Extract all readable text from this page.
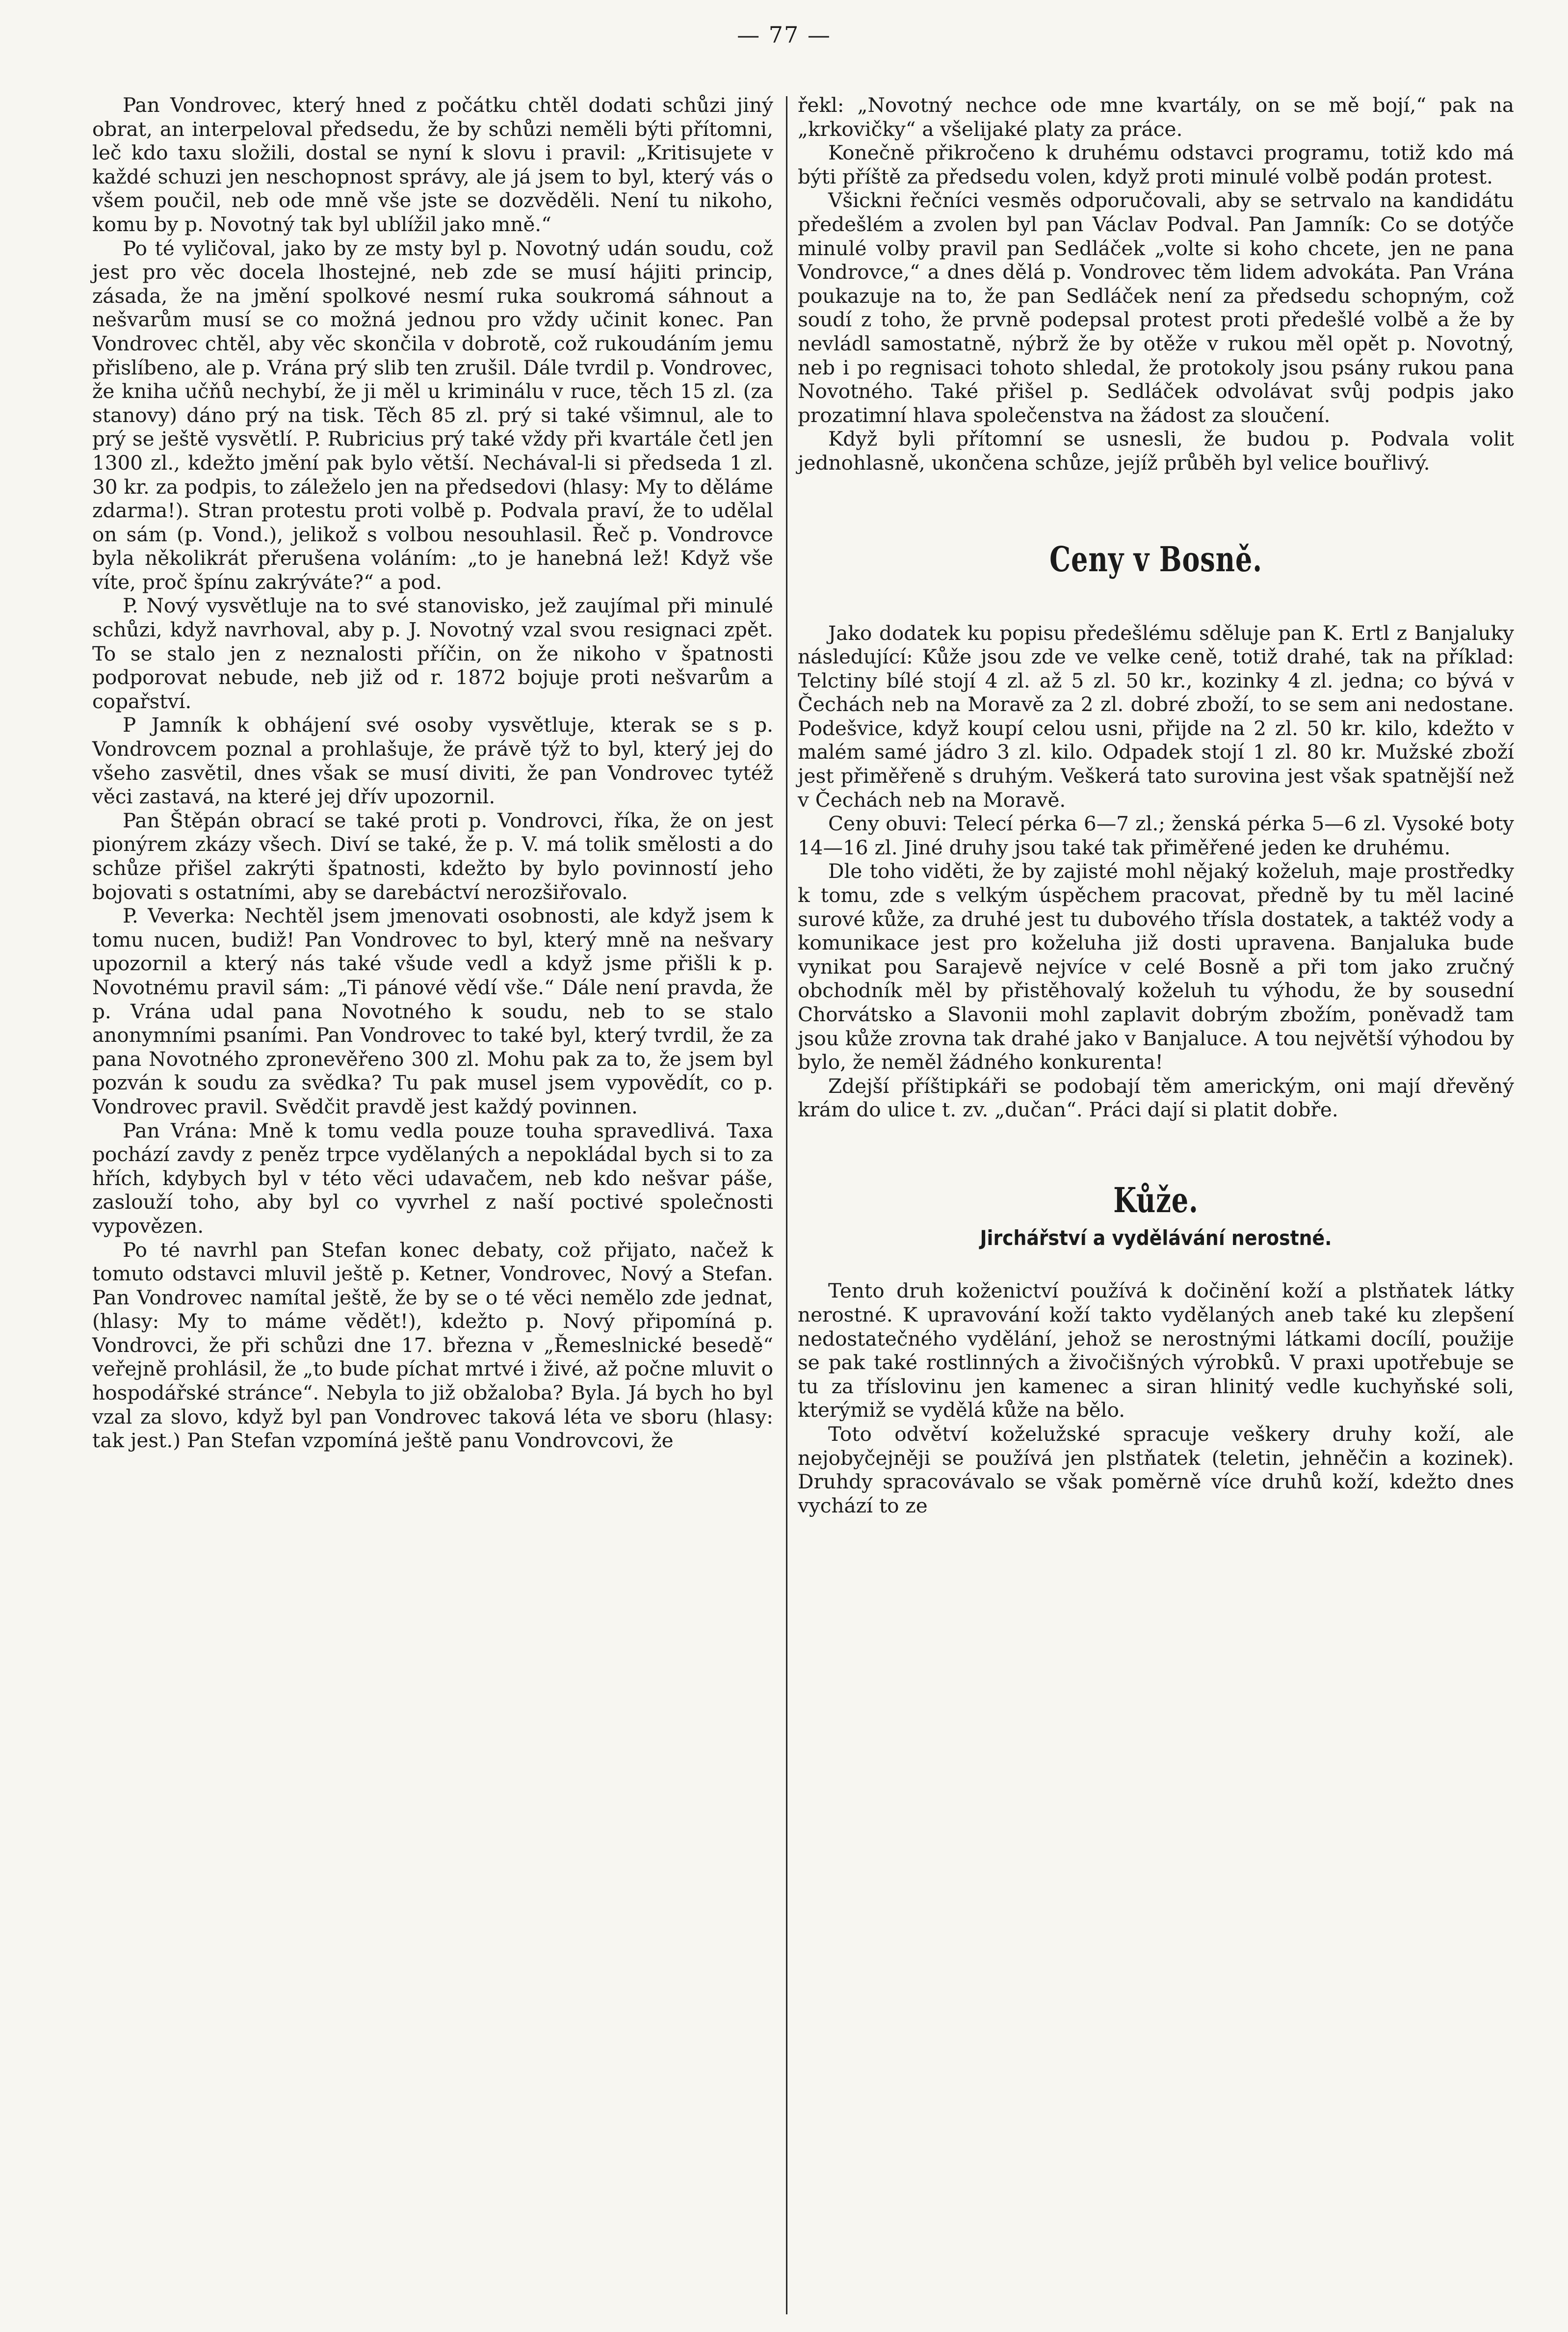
— 77 —

Pan Vondrovec, který hned z počátku chtěl dodati schůzi jiný obrat, an interpeloval předsedu, že by schůzi neměli býti přítomni, leč kdo taxu složili, dostal se nyní k slovu i pravil: „Kritisujete v každé schuzi jen neschopnost správy, ale já jsem to byl, který vás o všem poučil, neb ode mně vše jste se dozvěděli. Není tu nikoho, komu by p. Novotný tak byl ublížil jako mně.“

Po té vyličoval, jako by ze msty byl p. Novotný udán soudu, což jest pro věc docela lhostejné, neb zde se musí hájiti princip, zásada, že na jmění spolkové nesmí ruka soukromá sáhnout a nešvarům musí se co možná jednou pro vždy učinit konec. Pan Vondrovec chtěl, aby věc skončila v dobrotě, což rukoudáním jemu přislíbeno, ale p. Vrána prý slib ten zrušil. Dále tvrdil p. Vondrovec, že kniha učňů nechybí, že ji měl u kriminálu v ruce, těch 15 zl. (za stanovy) dáno prý na tisk. Těch 85 zl. prý si také všimnul, ale to prý se ještě vysvětlí. P. Rubricius prý také vždy při kvartále četl jen 1300 zl., kdežto jmění pak bylo větší. Nechával-li si předseda 1 zl. 30 kr. za podpis, to záleželo jen na předsedovi (hlasy: My to děláme zdarma!). Stran protestu proti volbě p. Podvala praví, že to udělal on sám (p. Vond.), jelikož s volbou nesouhlasil. Řeč p. Vondrovce byla několikrát přerušena voláním: „to je hanebná lež! Když vše víte, proč špínu zakrýváte?“ a pod.

P. Nový vysvětluje na to své stanovisko, jež zaujímal při minulé schůzi, když navrhoval, aby p. J. Novotný vzal svou resignaci zpět. To se stalo jen z neznalosti příčin, on že nikoho v špatnosti podporovat nebude, neb již od r. 1872 bojuje proti nešvarům a copařství.

P Jamník k obhájení své osoby vysvětluje, kterak se s p. Vondrovcem poznal a prohlašuje, že právě týž to byl, který jej do všeho zasvětil, dnes však se musí diviti, že pan Vondrovec tytéž věci zastavá, na které jej dřív upozornil.

Pan Štěpán obrací se také proti p. Vondrovci, říka, že on jest pionýrem zkázy všech. Diví se také, že p. V. má tolik smělosti a do schůze přišel zakrýti špatnosti, kdežto by bylo povinností jeho bojovati s ostatními, aby se darebáctví nerozšiřovalo.

P. Veverka: Nechtěl jsem jmenovati osobnosti, ale když jsem k tomu nucen, budiž! Pan Vondrovec to byl, který mně na nešvary upozornil a který nás také všude vedl a když jsme přišli k p. Novotnému pravil sám: „Ti pánové vědí vše.“ Dále není pravda, že p. Vrána udal pana Novotného k soudu, neb to se stalo anonymními psaními. Pan Vondrovec to také byl, který tvrdil, že za pana Novotného zpronevěřeno 300 zl. Mohu pak za to, že jsem byl pozván k soudu za svědka? Tu pak musel jsem vypovědít, co p. Vondrovec pravil. Svědčit pravdě jest každý povinnen.

Pan Vrána: Mně k tomu vedla pouze touha spravedlivá. Taxa pochází zavdy z peněz trpce vydělaných a nepokládal bych si to za hřích, kdybych byl v této věci udavačem, neb kdo nešvar páše, zaslouží toho, aby byl co vyvrhel z naší poctivé společnosti vypovězen.

Po té navrhl pan Stefan konec debaty, což přijato, načež k tomuto odstavci mluvil ještě p. Ketner, Vondrovec, Nový a Stefan. Pan Vondrovec namítal ještě, že by se o té věci nemělo zde jednat, (hlasy: My to máme vědět!), kdežto p. Nový připomíná p. Vondrovci, že při schůzi dne 17. března v „Řemeslnické besedě“ veřejně prohlásil, že „to bude píchat mrtvé i živé, až počne mluvit o hospodářské stránce“. Nebyla to již obžaloba? Byla. Já bych ho byl vzal za slovo, když byl pan Vondrovec taková léta ve sboru (hlasy: tak jest.) Pan Stefan vzpomíná ještě panu Vondrovcovi, že

řekl: „Novotný nechce ode mne kvartály, on se mě bojí,“ pak na „krkovičky“ a všelijaké platy za práce.

Konečně přikročeno k druhému odstavci programu, totiž kdo má býti příště za předsedu volen, když proti minulé volbě podán protest.

Všickni řečníci vesměs odporučovali, aby se setrvalo na kandidátu předešlém a zvolen byl pan Václav Podval. Pan Jamník: Co se dotýče minulé volby pravil pan Sedláček „volte si koho chcete, jen ne pana Vondrovce,“ a dnes dělá p. Vondrovec těm lidem advokáta. Pan Vrána poukazuje na to, že pan Sedláček není za předsedu schopným, což soudí z toho, že prvně podepsal protest proti předešlé volbě a že by nevládl samostatně, nýbrž že by otěže v rukou měl opět p. Novotný, neb i po regnisaci tohoto shledal, že protokoly jsou psány rukou pana Novotného. Také přišel p. Sedláček odvolávat svůj podpis jako prozatimní hlava společenstva na žádost za sloučení.

Když byli přítomní se usnesli, že budou p. Podvala volit jednohlasně, ukončena schůze, jejíž průběh byl velice bouřlivý.

Ceny v Bosně.

Jako dodatek ku popisu předešlému sděluje pan K. Ertl z Banjaluky následující: Kůže jsou zde ve velke ceně, totiž drahé, tak na příklad: Telctiny bílé stojí 4 zl. až 5 zl. 50 kr., kozinky 4 zl. jedna; co bývá v Čechách neb na Moravě za 2 zl. dobré zboží, to se sem ani nedostane. Podešvice, když koupí celou usni, přijde na 2 zl. 50 kr. kilo, kdežto v malém samé jádro 3 zl. kilo. Odpadek stojí 1 zl. 80 kr. Mužské zboží jest přiměřeně s druhým. Veškerá tato surovina jest však spatnější než v Čechách neb na Moravě.

Ceny obuvi: Telecí pérka 6—7 zl.; ženská pérka 5—6 zl. Vysoké boty 14—16 zl. Jiné druhy jsou také tak přiměřené jeden ke druhému.

Dle toho viděti, že by zajisté mohl nějaký koželuh, maje prostředky k tomu, zde s velkým úspěchem pracovat, předně by tu měl laciné surové kůže, za druhé jest tu dubového třísla dostatek, a taktéž vody a komunikace jest pro koželuha již dosti upravena. Banjaluka bude vynikat pou Sarajevě nejvíce v celé Bosně a při tom jako zručný obchodník měl by přistěhovalý koželuh tu výhodu, že by sousední Chorvátsko a Slavonii mohl zaplavit dobrým zbožím, poněvadž tam jsou kůže zrovna tak drahé jako v Banjaluce. A tou největší výhodou by bylo, že neměl žádného konkurenta!

Zdejší příštipkáři se podobají těm americkým, oni mají dřevěný krám do ulice t. zv. „dučan“. Práci dají si platit dobře.

Kůže.
Jirchářství a vydělávání nerostné.

Tento druh koženictví používá k dočinění koží a plstňatek látky nerostné. K upravování koží takto vydělaných aneb také ku zlepšení nedostatečného vydělání, jehož se nerostnými látkami docílí, použije se pak také rostlinných a živočišných výrobků. V praxi upotřebuje se tu za tříslovinu jen kamenec a siran hlinitý vedle kuchyňské soli, kterýmiž se vydělá kůže na bělo.

Toto odvětví koželužské spracuje veškery druhy koží, ale nejobyčejněji se používá jen plstňatek (teletin, jehněčin a kozinek). Druhdy spracovávalo se však poměrně více druhů koží, kdežto dnes vychází to ze
